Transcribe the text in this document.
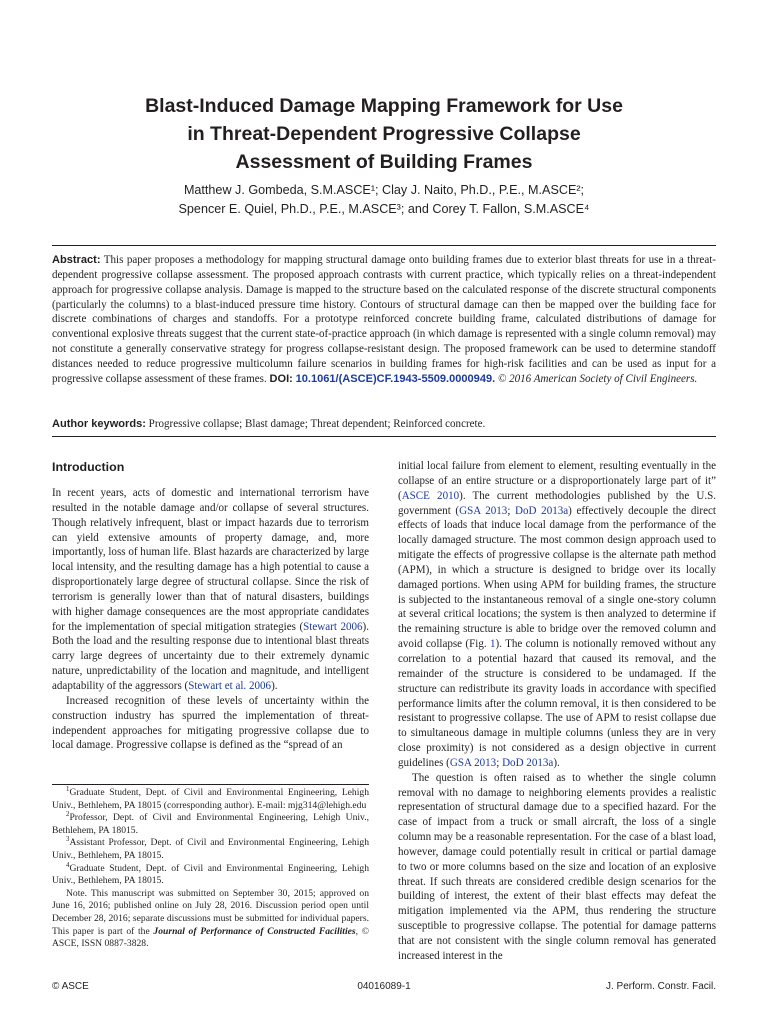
Blast-Induced Damage Mapping Framework for Use
in Threat-Dependent Progressive Collapse
Assessment of Building Frames
Matthew J. Gombeda, S.M.ASCE¹; Clay J. Naito, Ph.D., P.E., M.ASCE²;
Spencer E. Quiel, Ph.D., P.E., M.ASCE³; and Corey T. Fallon, S.M.ASCE⁴
Abstract: This paper proposes a methodology for mapping structural damage onto building frames due to exterior blast threats for use in a threat-dependent progressive collapse assessment. The proposed approach contrasts with current practice, which typically relies on a threat-independent approach for progressive collapse analysis. Damage is mapped to the structure based on the calculated response of the discrete structural components (particularly the columns) to a blast-induced pressure time history. Contours of structural damage can then be mapped over the building face for discrete combinations of charges and standoffs. For a prototype reinforced concrete building frame, calculated distributions of damage for conventional explosive threats suggest that the current state-of-practice approach (in which damage is represented with a single column removal) may not constitute a generally conservative strategy for progress collapse-resistant design. The proposed framework can be used to determine standoff distances needed to reduce progressive multicolumn failure scenarios in building frames for high-risk facilities and can be used as input for a progressive collapse assessment of these frames. DOI: 10.1061/(ASCE)CF.1943-5509.0000949. © 2016 American Society of Civil Engineers.
Author keywords: Progressive collapse; Blast damage; Threat dependent; Reinforced concrete.
Introduction

In recent years, acts of domestic and international terrorism have resulted in the notable damage and/or collapse of several structures. Though relatively infrequent, blast or impact hazards due to terrorism can yield extensive amounts of property damage, and, more importantly, loss of human life. Blast hazards are characterized by large local intensity, and the resulting damage has a high potential to cause a disproportionately large degree of structural collapse. Since the risk of terrorism is generally lower than that of natural disasters, buildings with higher damage consequences are the most appropriate candidates for the implementation of special mitigation strategies (Stewart 2006). Both the load and the resulting response due to intentional blast threats carry large degrees of uncertainty due to their extremely dynamic nature, unpredictability of the location and magnitude, and intelligent adaptability of the aggressors (Stewart et al. 2006).

Increased recognition of these levels of uncertainty within the construction industry has spurred the implementation of threat-independent approaches for mitigating progressive collapse due to local damage. Progressive collapse is defined as the “spread of an

$^1$Graduate Student, Dept. of Civil and Environmental Engineering, Lehigh Univ., Bethlehem, PA 18015 (corresponding author). E-mail: mjg314@lehigh.edu

$^2$Professor, Dept. of Civil and Environmental Engineering, Lehigh Univ., Bethlehem, PA 18015.

$^3$Assistant Professor, Dept. of Civil and Environmental Engineering, Lehigh Univ., Bethlehem, PA 18015.

$^4$Graduate Student, Dept. of Civil and Environmental Engineering, Lehigh Univ., Bethlehem, PA 18015.

Note. This manuscript was submitted on September 30, 2015; approved on June 16, 2016; published online on July 28, 2016. Discussion period open until December 28, 2016; separate discussions must be submitted for individual papers. This paper is part of the Journal of Performance of Constructed Facilities, © ASCE, ISSN 0887-3828.

initial local failure from element to element, resulting eventually in the collapse of an entire structure or a disproportionately large part of it” (ASCE 2010). The current methodologies published by the U.S. government (GSA 2013; DoD 2013a) effectively decouple the direct effects of loads that induce local damage from the performance of the locally damaged structure. The most common design approach used to mitigate the effects of progressive collapse is the alternate path method (APM), in which a structure is designed to bridge over its locally damaged portions. When using APM for building frames, the structure is subjected to the instantaneous removal of a single one-story column at several critical locations; the system is then analyzed to determine if the remaining structure is able to bridge over the removed column and avoid collapse (Fig. 1). The column is notionally removed without any correlation to a potential hazard that caused its removal, and the remainder of the structure is considered to be undamaged. If the structure can redistribute its gravity loads in accordance with specified performance limits after the column removal, it is then considered to be resistant to progressive collapse. The use of APM to resist collapse due to simultaneous damage in multiple columns (unless they are in very close proximity) is not considered as a design objective in current guidelines (GSA 2013; DoD 2013a).

The question is often raised as to whether the single column removal with no damage to neighboring elements provides a realistic representation of structural damage due to a specified hazard. For the case of impact from a truck or small aircraft, the loss of a single column may be a reasonable representation. For the case of a blast load, however, damage could potentially result in critical or partial damage to two or more columns based on the size and location of an explosive threat. If such threats are considered credible design scenarios for the building of interest, the extent of their blast effects may defeat the mitigation implemented via the APM, thus rendering the structure susceptible to progressive collapse. The potential for damage patterns that are not consistent with the single column removal has generated increased interest in the

© ASCE	04016089-1	J. Perform. Constr. Facil.
